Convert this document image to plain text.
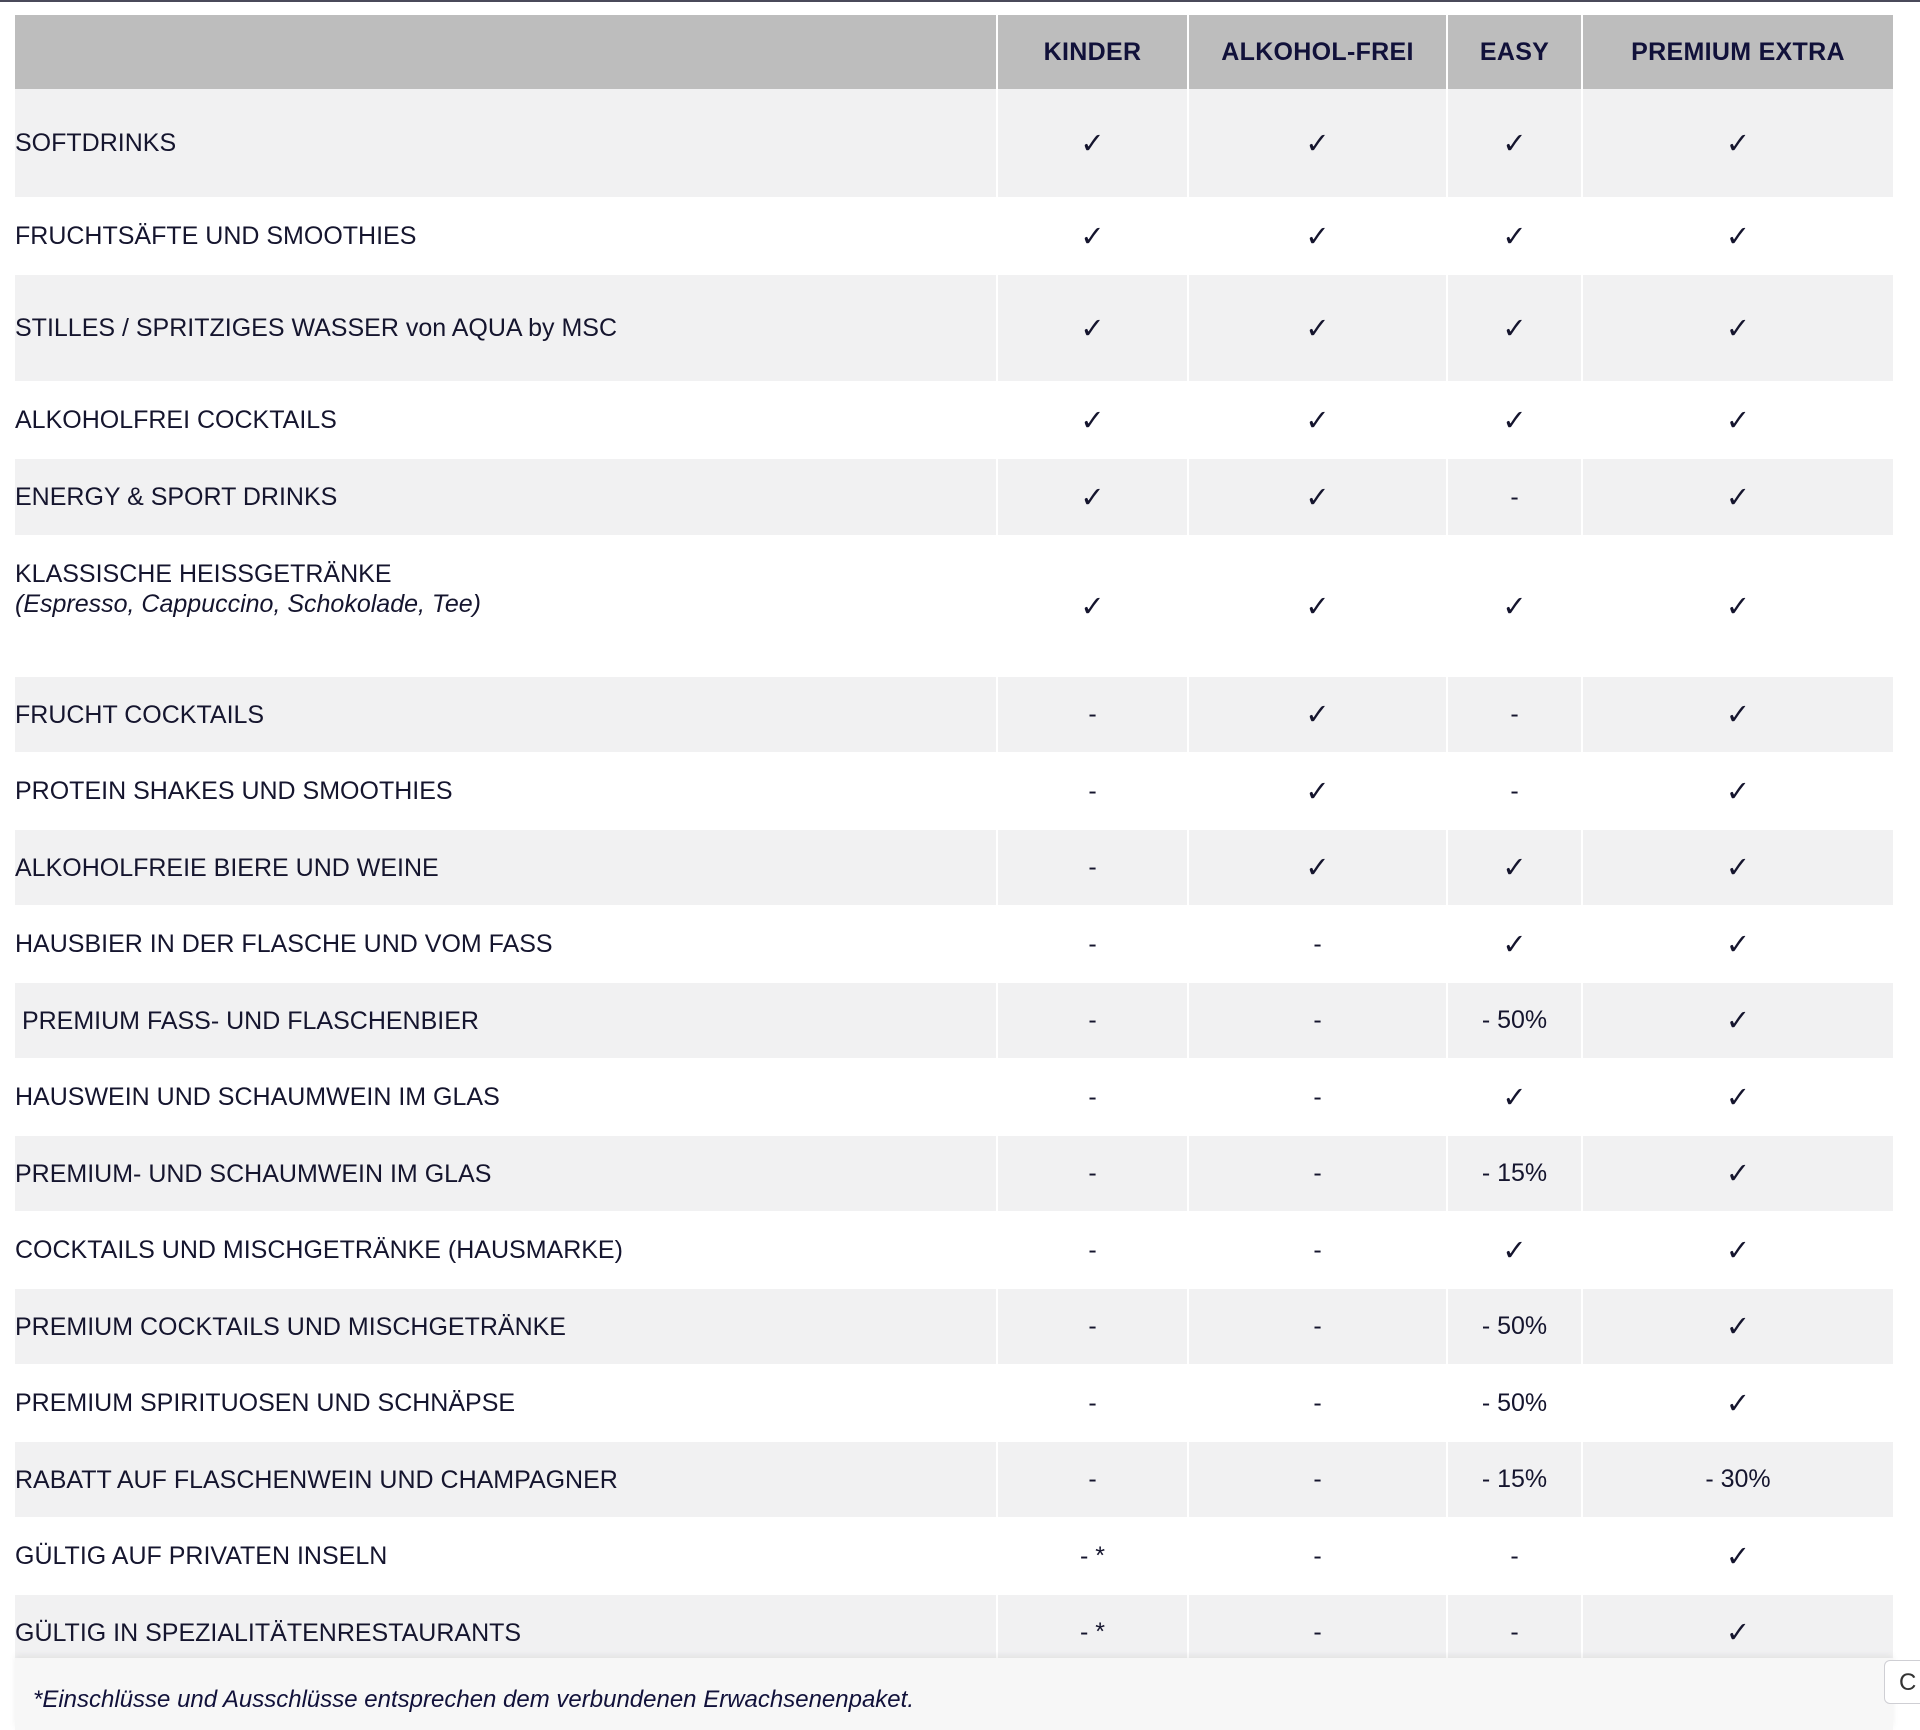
	KINDER	ALKOHOL-FREI	EASY	PREMIUM EXTRA
SOFTDRINKS	✓	✓	✓	✓
FRUCHTSÄFTE UND SMOOTHIES	✓	✓	✓	✓
STILLES / SPRITZIGES WASSER von AQUA by MSC	✓	✓	✓	✓
ALKOHOLFREI COCKTAILS	✓	✓	✓	✓
ENERGY & SPORT DRINKS	✓	✓	-	✓
KLASSISCHE HEISSGETRÄNKE
(Espresso, Cappuccino, Schokolade, Tee)	✓	✓	✓	✓
FRUCHT COCKTAILS	-	✓	-	✓
PROTEIN SHAKES UND SMOOTHIES	-	✓	-	✓
ALKOHOLFREIE BIERE UND WEINE	-	✓	✓	✓
HAUSBIER IN DER FLASCHE UND VOM FASS	-	-	✓	✓
PREMIUM FASS- UND FLASCHENBIER	-	-	- 50%	✓
HAUSWEIN UND SCHAUMWEIN IM GLAS	-	-	✓	✓
PREMIUM- UND SCHAUMWEIN IM GLAS	-	-	- 15%	✓
COCKTAILS UND MISCHGETRÄNKE (HAUSMARKE)	-	-	✓	✓
PREMIUM COCKTAILS UND MISCHGETRÄNKE	-	-	- 50%	✓
PREMIUM SPIRITUOSEN UND SCHNÄPSE	-	-	- 50%	✓
RABATT AUF FLASCHENWEIN UND CHAMPAGNER	-	-	- 15%	- 30%
GÜLTIG AUF PRIVATEN INSELN	- *	-	-	✓
GÜLTIG IN SPEZIALITÄTENRESTAURANTS	- *	-	-	✓
*Einschlüsse und Ausschlüsse entsprechen dem verbundenen Erwachsenenpaket.
C
